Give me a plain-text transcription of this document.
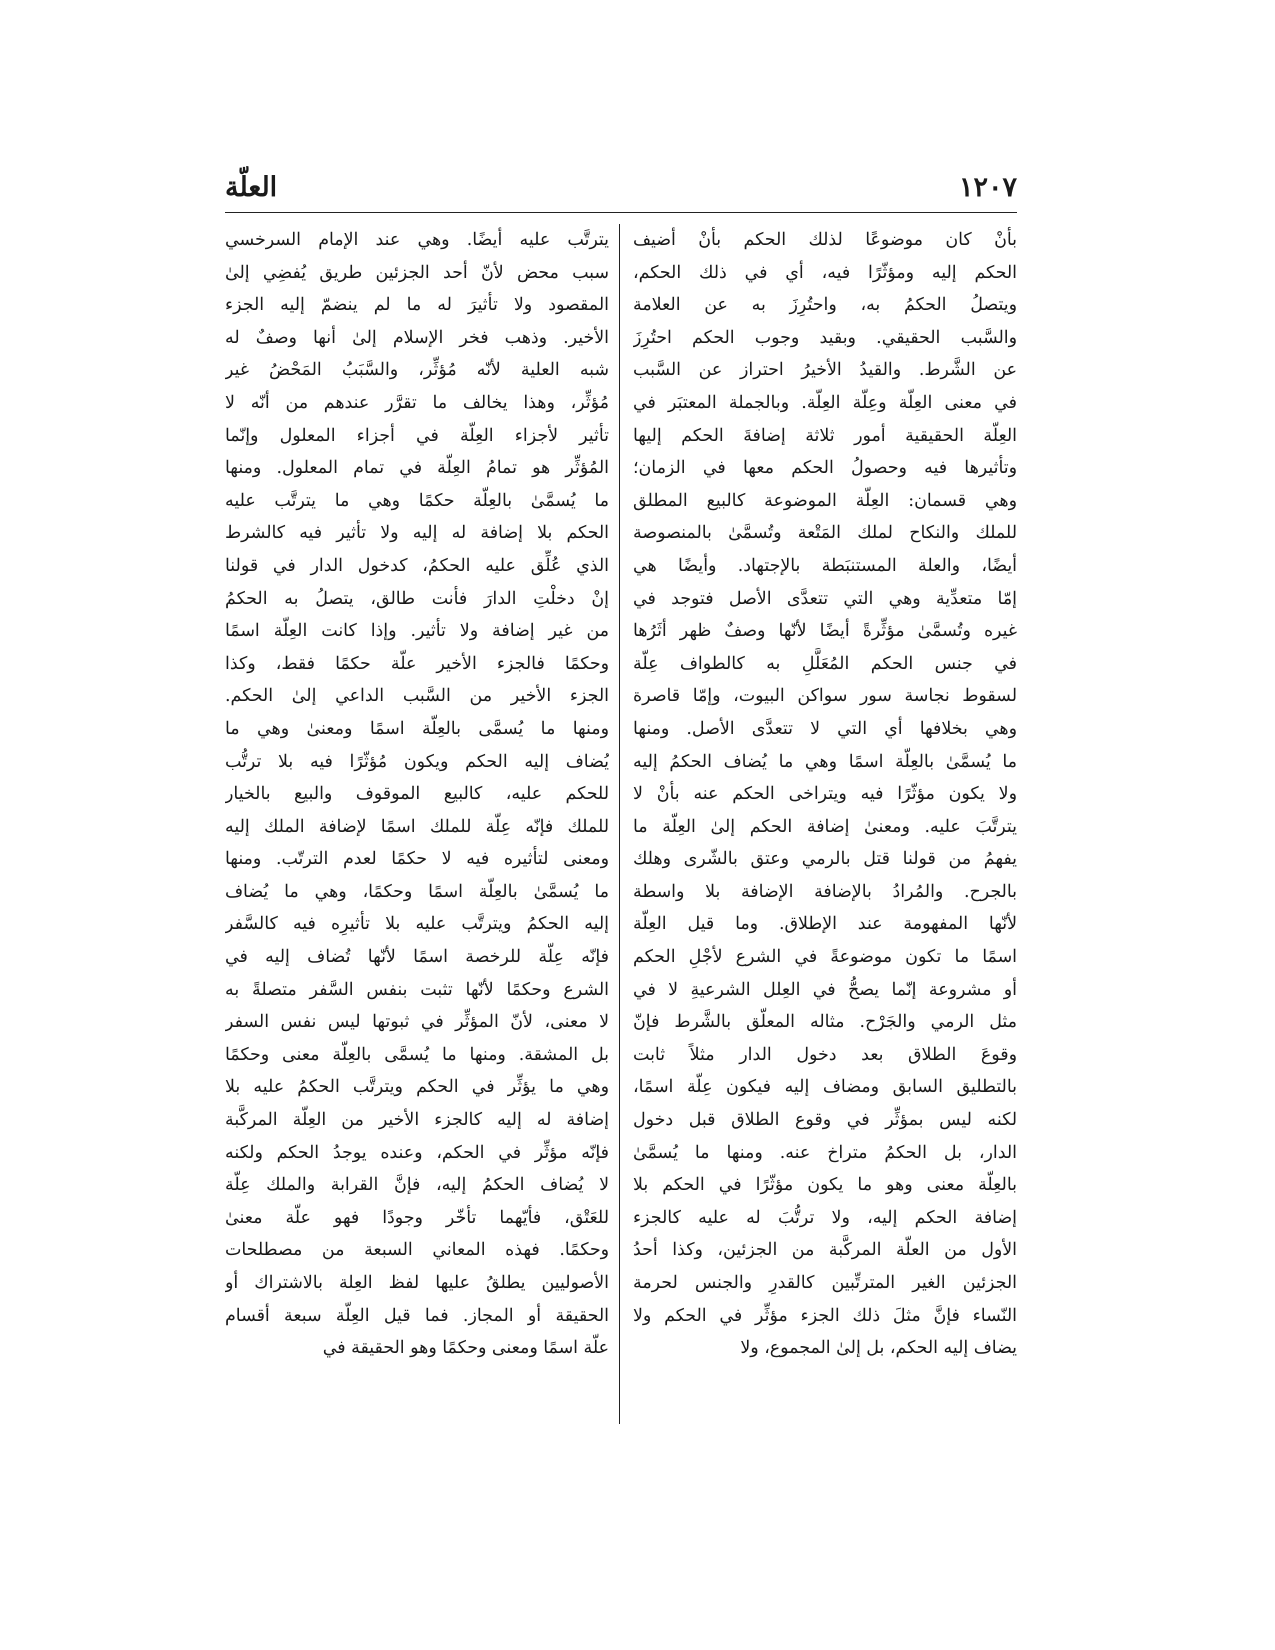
١٢٠٧
العلّة
بأنْ كان موضوعًا لذلك الحكم بأنْ أضيف
الحكم إليه ومؤثّرًا فيه، أي في ذلك الحكم،
ويتصلُ الحكمُ به، واحتُرِزَ به عن العلامة
والسَّبب الحقيقي. وبقيد وجوب الحكم احتُرِزَ
عن الشَّرط. والقيدُ الأخيرُ احتراز عن السَّبب
في معنى العِلّة وعِلّة العِلّة. وبالجملة المعتبَر في
العِلّة الحقيقية أمور ثلاثة إضافةَ الحكم إليها
وتأثيرها فيه وحصولُ الحكم معها في الزمان؛
وهي قسمان: العِلّة الموضوعة كالبيع المطلق
للملك والنكاح لملك المَتْعة وتُسمَّىٰ بالمنصوصة
أيضًا، والعلة المستنبَطة بالإجتهاد. وأيضًا هي
إمّا متعدِّية وهي التي تتعدَّى الأصل فتوجد في
غيره وتُسمَّىٰ مؤثِّرةً أيضًا لأنّها وصفٌ ظهر أثَرُها
في جنس الحكم المُعَلَّلِ به كالطواف عِلّة
لسقوط نجاسة سور سواكن البيوت، وإمّا قاصرة
وهي بخلافها أي التي لا تتعدَّى الأصل. ومنها
ما يُسمَّىٰ بالعِلّة اسمًا وهي ما يُضاف الحكمُ إليه
ولا يكون مؤثّرًا فيه ويتراخى الحكم عنه بأنْ لا
يترتَّبَ عليه. ومعنىٰ إضافة الحكم إلىٰ العِلّة ما
يفهمُ من قولنا قتل بالرمي وعتق بالشّرى وهلك
بالجرح. والمُرادُ بالإضافة الإضافة بلا واسطة
لأنّها المفهومة عند الإطلاق. وما قيل العِلّة
اسمًا ما تكون موضوعةً في الشرع لأجْلِ الحكم
أو مشروعة إنّما يصحُّ في العِلل الشرعيةِ لا في
مثل الرمي والجَرْح. مثاله المعلّق بالشَّرط فإنّ
وقوعَ الطلاق بعد دخول الدار مثلاً ثابت
بالتطليق السابق ومضاف إليه فيكون عِلّة اسمًا،
لكنه ليس بمؤثِّر في وقوع الطلاق قبل دخول
الدار، بل الحكمُ متراخ عنه. ومنها ما يُسمَّىٰ
بالعِلّة معنى وهو ما يكون مؤثّرًا في الحكم بلا
إضافة الحكم إليه، ولا ترتُّبَ له عليه كالجزء
الأول من العلّة المركَّبة من الجزئين، وكذا أحدُ
الجزئين الغير المترتِّبين كالقدرِ والجنس لحرمة
النّساء فإنَّ مثلَ ذلك الجزء مؤثِّر في الحكم ولا
يضاف إليه الحكم، بل إلىٰ المجموع، ولا
يترتَّب عليه أيضًا. وهي عند الإمام السرخسي
سبب محض لأنّ أحد الجزئين طريق يُفضِي إلىٰ
المقصود ولا تأثيرَ له ما لم ينضمّ إليه الجزء
الأخير. وذهب فخر الإسلام إلىٰ أنها وصفٌ له
شبه العلية لأنّه مُؤثِّر، والسَّبَبُ المَحْضُ غير
مُؤثِّر، وهذا يخالف ما تقرَّر عندهم من أنّه لا
تأثير لأجزاء العِلّة في أجزاء المعلول وإنّما
المُؤثِّر هو تمامُ العِلّة في تمام المعلول. ومنها
ما يُسمَّىٰ بالعِلّة حكمًا وهي ما يترتَّب عليه
الحكم بلا إضافة له إليه ولا تأثير فيه كالشرط
الذي عُلِّق عليه الحكمُ، كدخول الدار في قولنا
إنْ دخلْتِ الدارَ فأنت طالق، يتصلُ به الحكمُ
من غير إضافة ولا تأثير. وإذا كانت العِلّة اسمًا
وحكمًا فالجزء الأخير علّة حكمًا فقط، وكذا
الجزء الأخير من السَّبب الداعي إلىٰ الحكم.
ومنها ما يُسمَّى بالعِلّة اسمًا ومعنىٰ وهي ما
يُضاف إليه الحكم ويكون مُؤثّرًا فيه بلا ترتُّب
للحكم عليه، كالبيع الموقوف والبيع بالخيار
للملك فإنّه عِلّة للملك اسمًا لإضافة الملك إليه
ومعنى لتأثيره فيه لا حكمًا لعدم الترتّب. ومنها
ما يُسمَّىٰ بالعِلّة اسمًا وحكمًا، وهي ما يُضاف
إليه الحكمُ ويترتَّب عليه بلا تأثيرِه فيه كالسَّفر
فإنّه عِلّة للرخصة اسمًا لأنّها تُضاف إليه في
الشرع وحكمًا لأنّها تثبت بنفس السَّفر متصلةً به
لا معنى، لأنّ المؤثِّر في ثبوتها ليس نفس السفر
بل المشقة. ومنها ما يُسمَّى بالعِلّة معنى وحكمًا
وهي ما يؤثِّر في الحكم ويترتَّب الحكمُ عليه بلا
إضافة له إليه كالجزء الأخير من العِلّة المركَّبة
فإنّه مؤثِّر في الحكم، وعنده يوجدُ الحكم ولكنه
لا يُضاف الحكمُ إليه، فإنَّ القرابة والملك عِلّة
للعَتْق، فأيّهما تأخّر وجودًا فهو علّة معنىٰ
وحكمًا. فهذه المعاني السبعة من مصطلحات
الأصوليين يطلقُ عليها لفظ العِلة بالاشتراك أو
الحقيقة أو المجاز. فما قيل العِلّة سبعة أقسام
علّة اسمًا ومعنى وحكمًا وهو الحقيقة في
